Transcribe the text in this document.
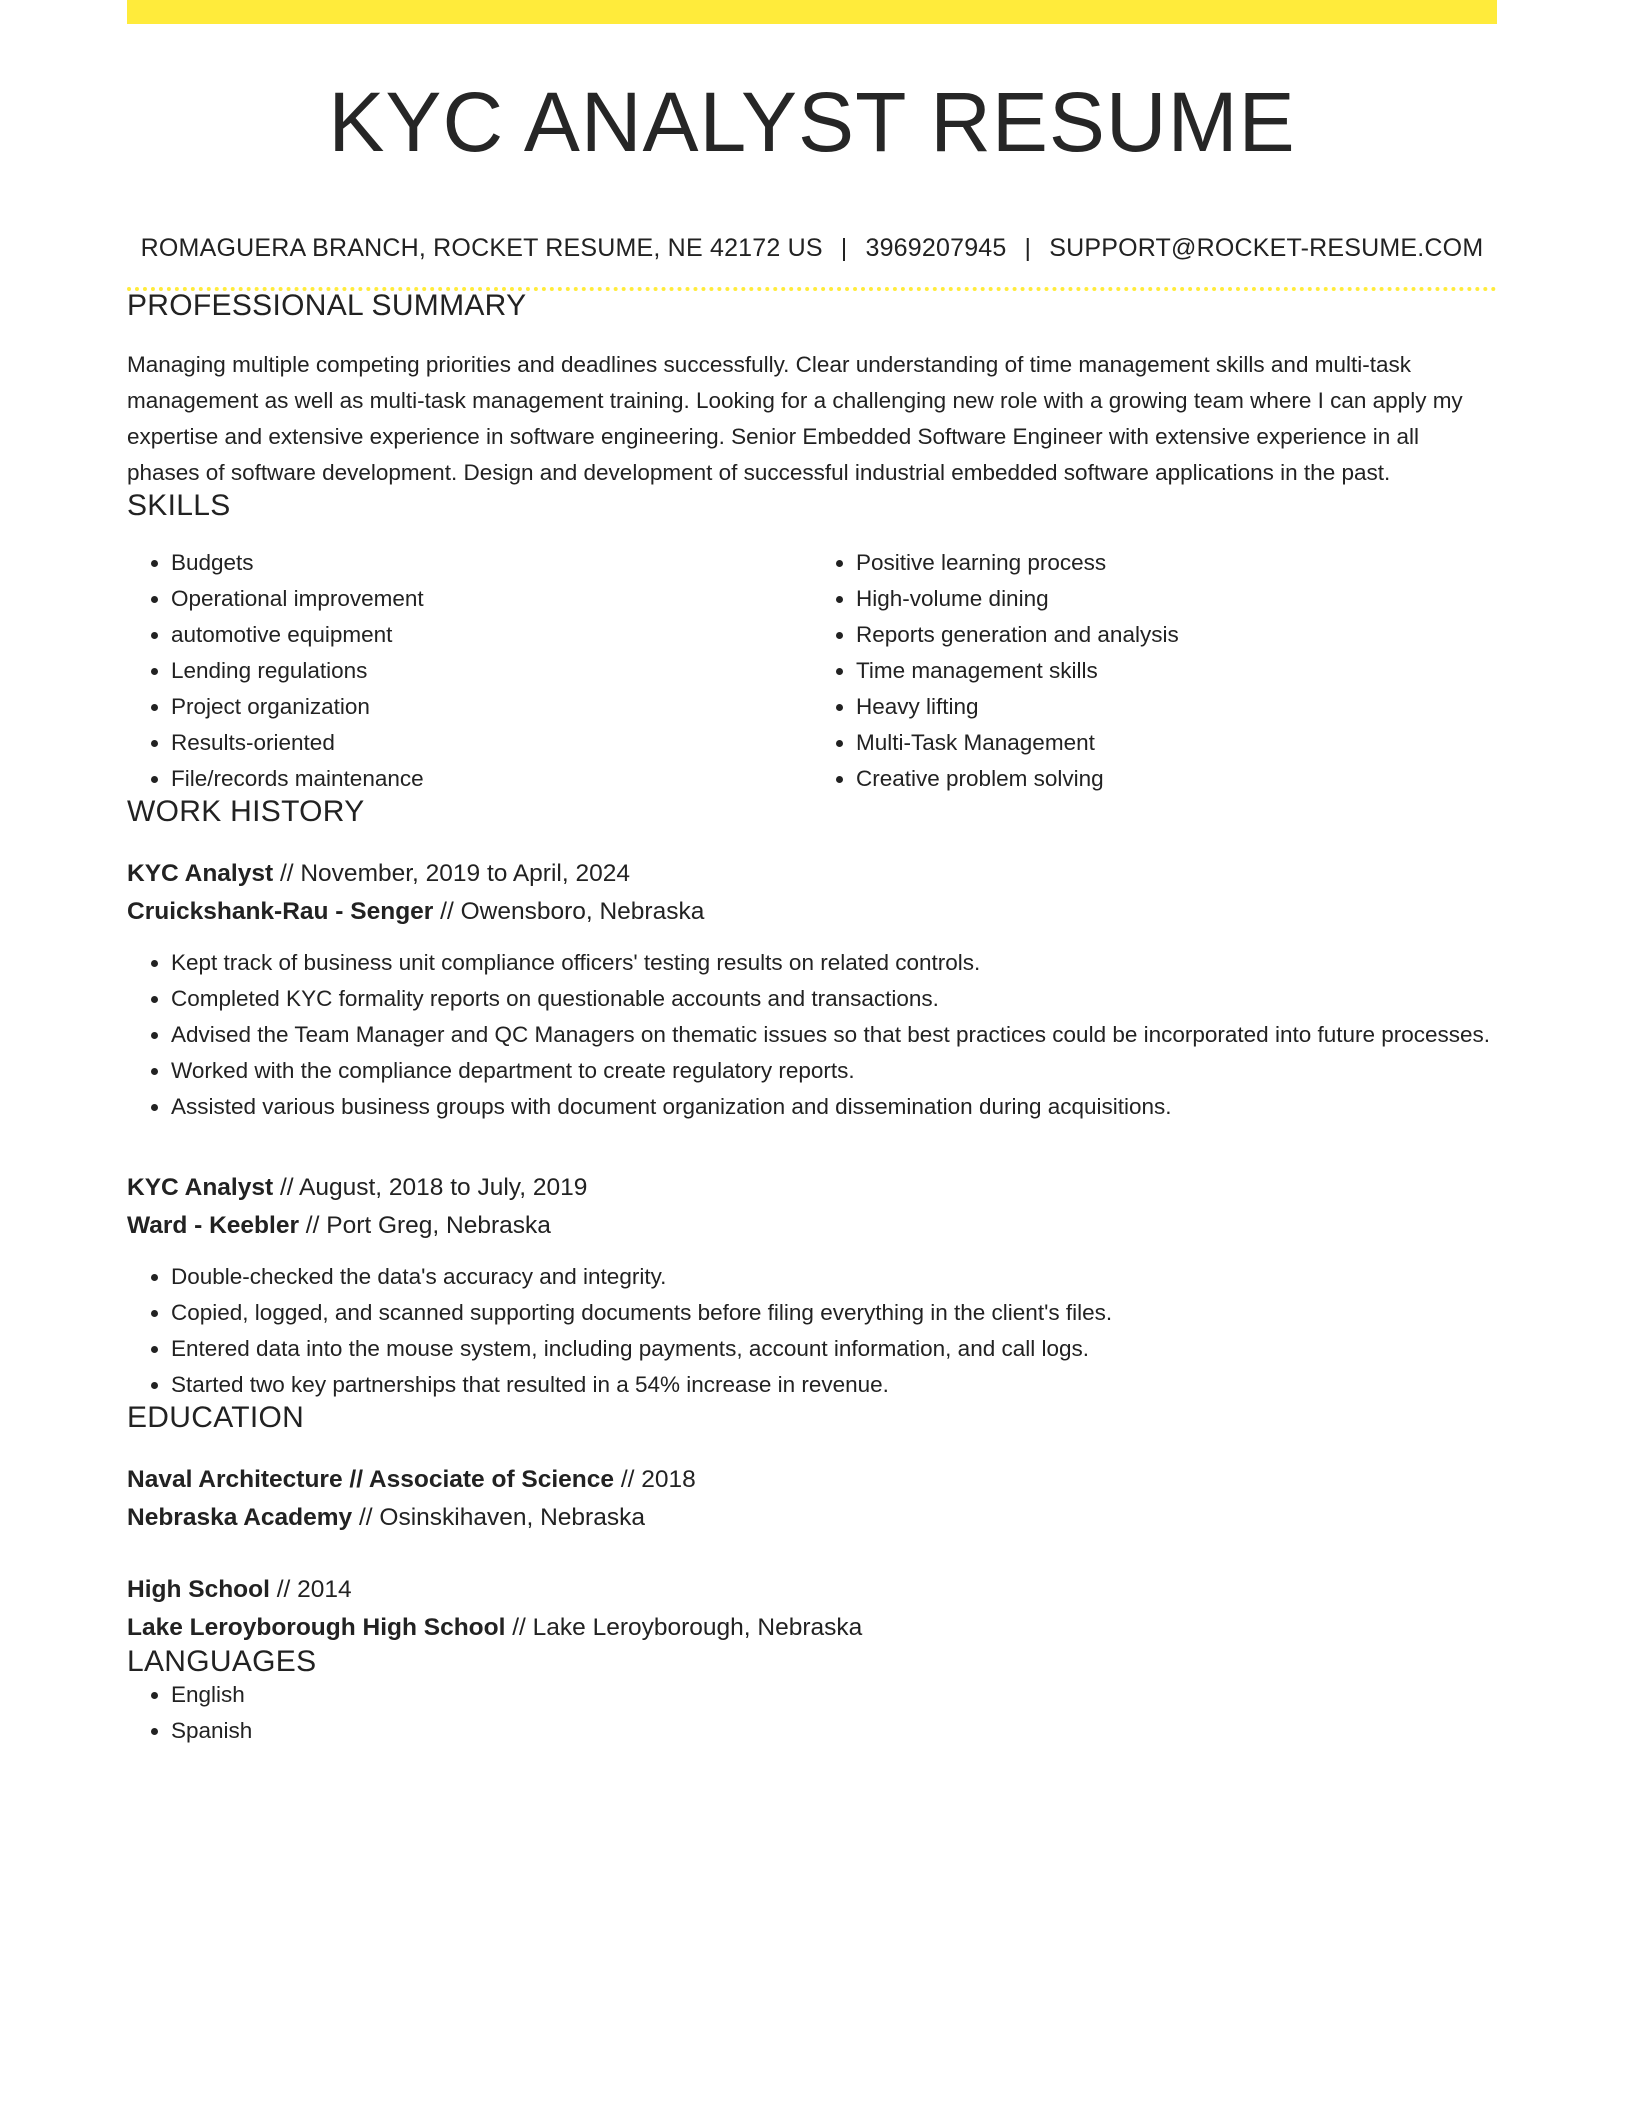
KYC ANALYST RESUME
ROMAGUERA BRANCH, ROCKET RESUME, NE 42172 US | 3969207945 | SUPPORT@ROCKET-RESUME.COM
PROFESSIONAL SUMMARY
Managing multiple competing priorities and deadlines successfully. Clear understanding of time management skills and multi-task management as well as multi-task management training. Looking for a challenging new role with a growing team where I can apply my expertise and extensive experience in software engineering. Senior Embedded Software Engineer with extensive experience in all phases of software development. Design and development of successful industrial embedded software applications in the past.
SKILLS
• Budgets
• Operational improvement
• automotive equipment
• Lending regulations
• Project organization
• Results-oriented
• File/records maintenance
• Positive learning process
• High-volume dining
• Reports generation and analysis
• Time management skills
• Heavy lifting
• Multi-Task Management
• Creative problem solving
WORK HISTORY
KYC Analyst // November, 2019 to April, 2024
Cruickshank-Rau - Senger // Owensboro, Nebraska
• Kept track of business unit compliance officers' testing results on related controls.
• Completed KYC formality reports on questionable accounts and transactions.
• Advised the Team Manager and QC Managers on thematic issues so that best practices could be incorporated into future processes.
• Worked with the compliance department to create regulatory reports.
• Assisted various business groups with document organization and dissemination during acquisitions.
KYC Analyst // August, 2018 to July, 2019
Ward - Keebler // Port Greg, Nebraska
• Double-checked the data's accuracy and integrity.
• Copied, logged, and scanned supporting documents before filing everything in the client's files.
• Entered data into the mouse system, including payments, account information, and call logs.
• Started two key partnerships that resulted in a 54% increase in revenue.
EDUCATION
Naval Architecture // Associate of Science // 2018
Nebraska Academy // Osinskihaven, Nebraska
High School // 2014
Lake Leroyborough High School // Lake Leroyborough, Nebraska
LANGUAGES
• English
• Spanish
